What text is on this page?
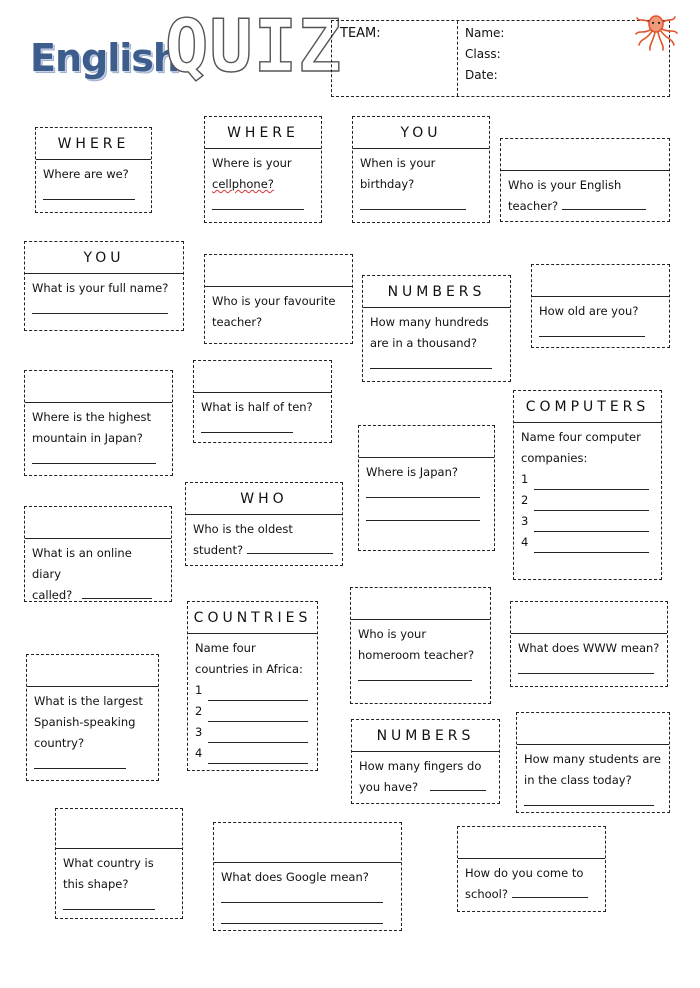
English
QUIZ
TEAM:	Name:
Class:
Date:
WHERE
Where are we?
WHERE
Where is your
cellphone?
YOU
When is your
birthday?	Who is your English
teacher?
YOU
What is your full name?
Who is your favourite
teacher?
NUMBERS
How many hundreds
are in a thousand?
How old are you?
Where is the highest
mountain in Japan?
What is half of ten?	COMPUTERS
Name four computer
companies:
1
2
3
4
Where is Japan?
WHO
Who is the oldest
student?
What is an online diary
called?
COUNTRIES
Name four
countries in Africa:
1
2
3
4
Who is your
homeroom teacher?	What does WWW mean?
What is the largest
Spanish-speaking
country?	NUMBERS
How many fingers do
you have?
How many students are
in the class today?
What country is
this shape?	What does Google mean?	How do you come to
school?
